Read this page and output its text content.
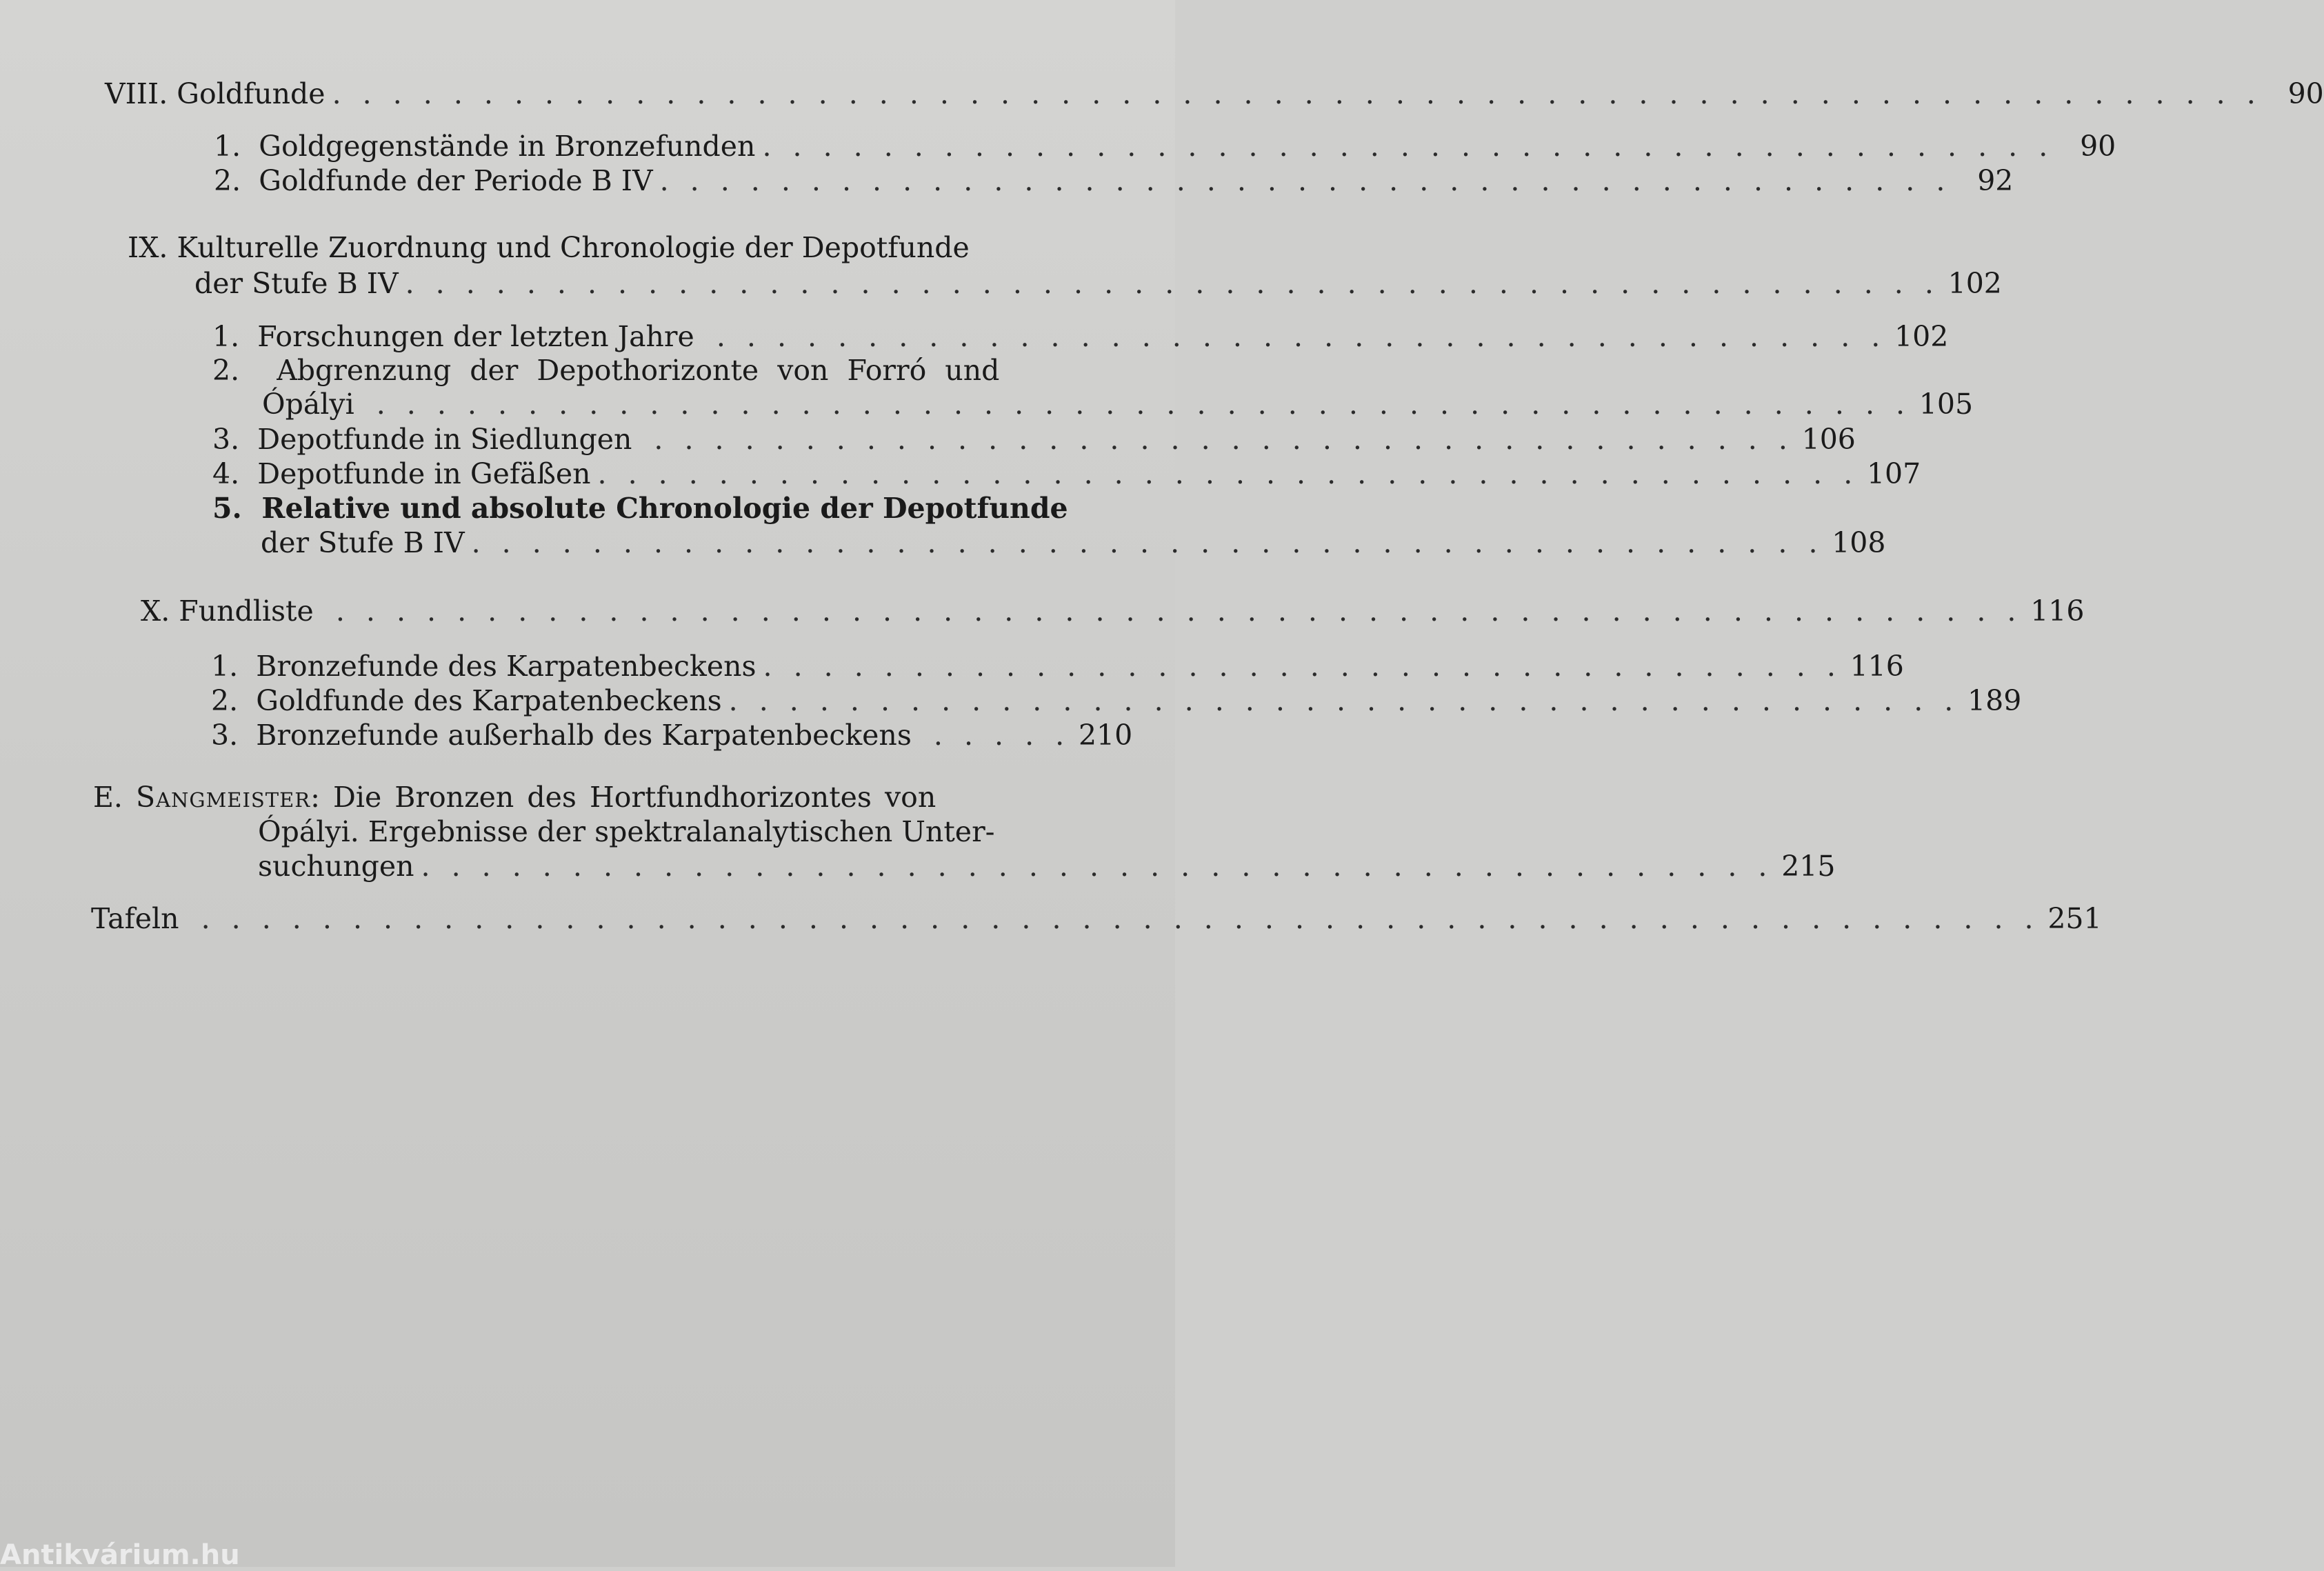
VIII. Goldfunde . . . . . . . . . . . . . . . . . . . . . . . . . . . . . . . . . . . . . . . . . . . . . . . . . . . . . . . . . . . . . . . . 90
1. Goldgegenstände in Bronzefunden . . . . . . . . . . . . . . . . . . . . . . . . . . . . . . . . . . . . . . . . . . . 90
2. Goldfunde der Periode B IV . . . . . . . . . . . . . . . . . . . . . . . . . . . . . . . . . . . . . . . . . . . 92
IX. Kulturelle Zuordnung und Chronologie der Depotfunde
der Stufe B IV . . . . . . . . . . . . . . . . . . . . . . . . . . . . . . . . . . . . . . . . . . . . . . . . . . . 102
1. Forschungen der letzten Jahre . . . . . . . . . . . . . . . . . . . . . . . . . . . . . . . . . . . . . . . 102
2. Abgrenzung der Depothorizonte von Forró und
Ópályi . . . . . . . . . . . . . . . . . . . . . . . . . . . . . . . . . . . . . . . . . . . . . . . . . . . 105
3. Depotfunde in Siedlungen . . . . . . . . . . . . . . . . . . . . . . . . . . . . . . . . . . . . . . 106
4. Depotfunde in Gefäßen . . . . . . . . . . . . . . . . . . . . . . . . . . . . . . . . . . . . . . . . . . 107
5. Relative und absolute Chronologie der Depotfunde
der Stufe B IV . . . . . . . . . . . . . . . . . . . . . . . . . . . . . . . . . . . . . . . . . . . . . 108
X. Fundliste . . . . . . . . . . . . . . . . . . . . . . . . . . . . . . . . . . . . . . . . . . . . . . . . . . . . . . . . 116
1. Bronzefunde des Karpatenbeckens . . . . . . . . . . . . . . . . . . . . . . . . . . . . . . . . . . . . 116
2. Goldfunde des Karpatenbeckens . . . . . . . . . . . . . . . . . . . . . . . . . . . . . . . . . . . . . . . . . 189
3. Bronzefunde außerhalb des Karpatenbeckens . . . . . 210
E. Sangmeister: Die Bronzen des Hortfundhorizontes von
Ópályi. Ergebnisse der spektralanalytischen Unter-
suchungen . . . . . . . . . . . . . . . . . . . . . . . . . . . . . . . . . . . . . . . . . . . . . 215
Tafeln . . . . . . . . . . . . . . . . . . . . . . . . . . . . . . . . . . . . . . . . . . . . . . . . . . . . . . . . . . . . . 251
Antikvárium.hu
